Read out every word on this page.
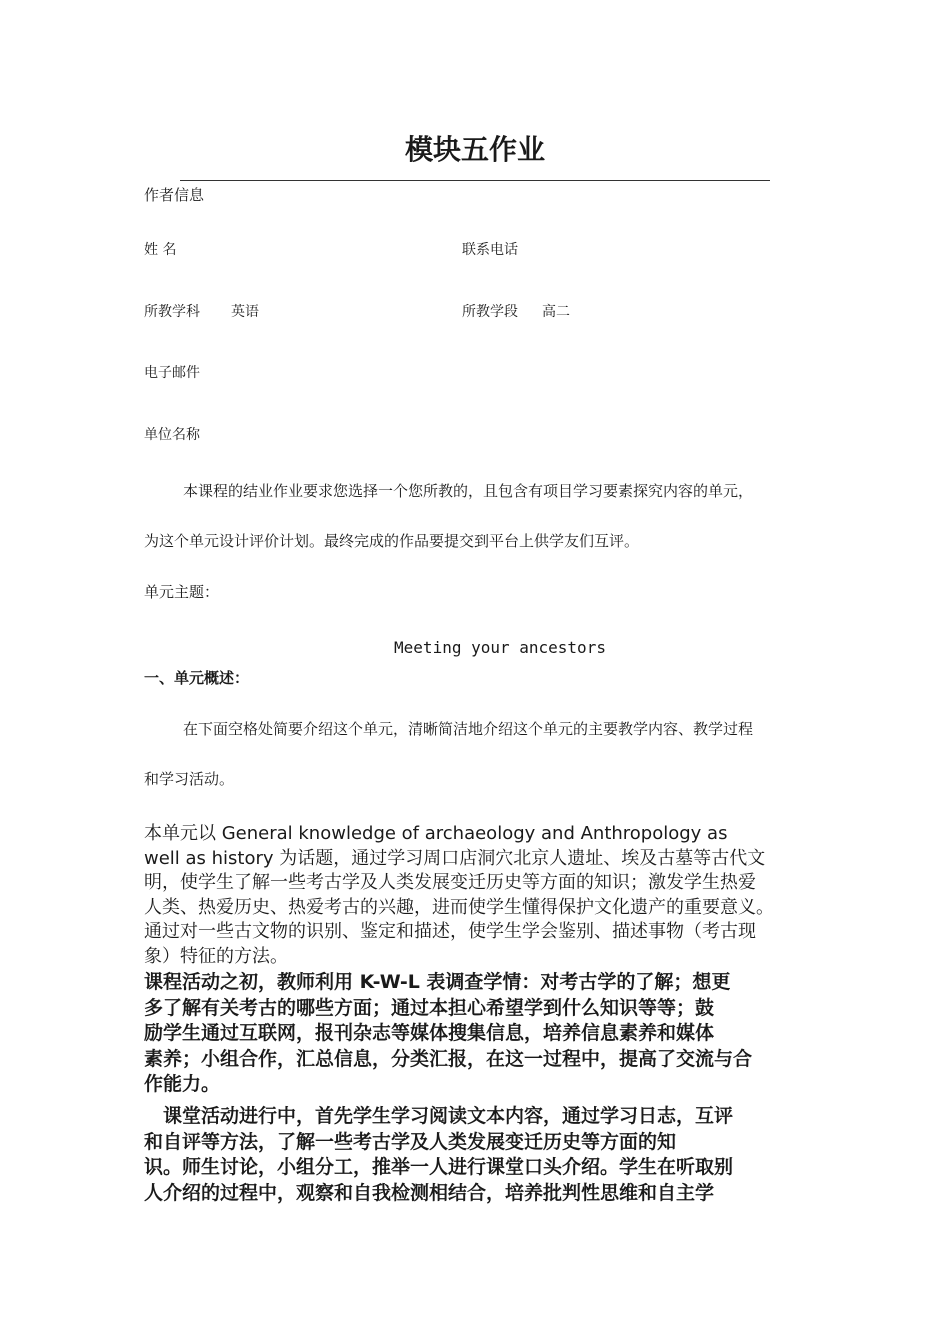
模块五作业
作者信息
姓 名	联系电话
所教学科 英语	所教学段 高二
电子邮件
单位名称
本课程的结业作业要求您选择一个您所教的，且包含有项目学习要素探究内容的单元，
为这个单元设计评价计划。最终完成的作品要提交到平台上供学友们互评。
单元主题：
Meeting your ancestors
一、单元概述：
在下面空格处简要介绍这个单元，清晰简洁地介绍这个单元的主要教学内容、教学过程
和学习活动。
本单元以 General knowledge of archaeology and Anthropology as
well as history 为话题，通过学习周口店洞穴北京人遗址、埃及古墓等古代文
明，使学生了解一些考古学及人类发展变迁历史等方面的知识；激发学生热爱
人类、热爱历史、热爱考古的兴趣，进而使学生懂得保护文化遗产的重要意义。
通过对一些古文物的识别、鉴定和描述，使学生学会鉴别、描述事物（考古现
象）特征的方法。
课程活动之初，教师利用 K-W-L 表调查学情：对考古学的了解；想更
多了解有关考古的哪些方面；通过本担心希望学到什么知识等等；鼓
励学生通过互联网，报刊杂志等媒体搜集信息，培养信息素养和媒体
素养；小组合作，汇总信息，分类汇报，在这一过程中，提高了交流与合
作能力。
　课堂活动进行中，首先学生学习阅读文本内容，通过学习日志，互评
和自评等方法，了解一些考古学及人类发展变迁历史等方面的知
识。师生讨论，小组分工，推举一人进行课堂口头介绍。学生在听取别
人介绍的过程中，观察和自我检测相结合，培养批判性思维和自主学
